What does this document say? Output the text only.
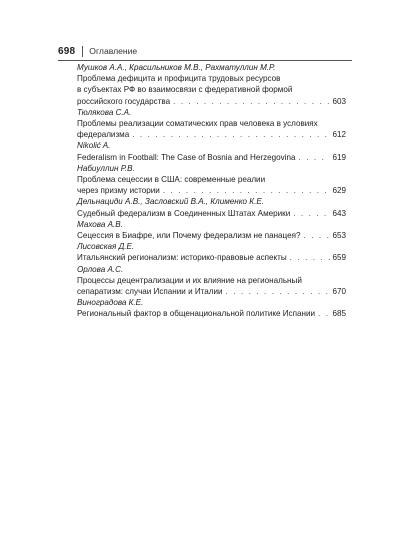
698 Оглавление
Мушков А.А., Красильников М.В., Рахматуллин М.Р.
Проблема дефицита и профицита трудовых ресурсов
в субъектах РФ во взаимосвязи с федеративной формой
российского государства . . .	603
Тюлякова С.А.
Проблемы реализации соматических прав человека в условиях
федерализма . . .	612
Nikolić A.
Federalism in Football: The Case of Bosnia and Herzegovina . . .	619
Набиуллин Р.В.
Проблема сецессии в США: современные реалии
через призму истории . . .	629
Дельнациди А.В., Засловский В.А., Клименко К.Е.
Судебный федерализм в Соединенных Штатах Америки . . .	643
Махова А.В.
Сецессия в Биафре, или Почему федерализм не панацея? . . .	653
Лисовская Д.Е.
Итальянский регионализм: историко-правовые аспекты . . .	659
Орлова А.С.
Процессы децентрализации и их влияние на региональный
сепаратизм: случаи Испании и Италии . . .	670
Виноградова К.Е.
Региональный фактор в общенациональной политике Испании . . . 685
